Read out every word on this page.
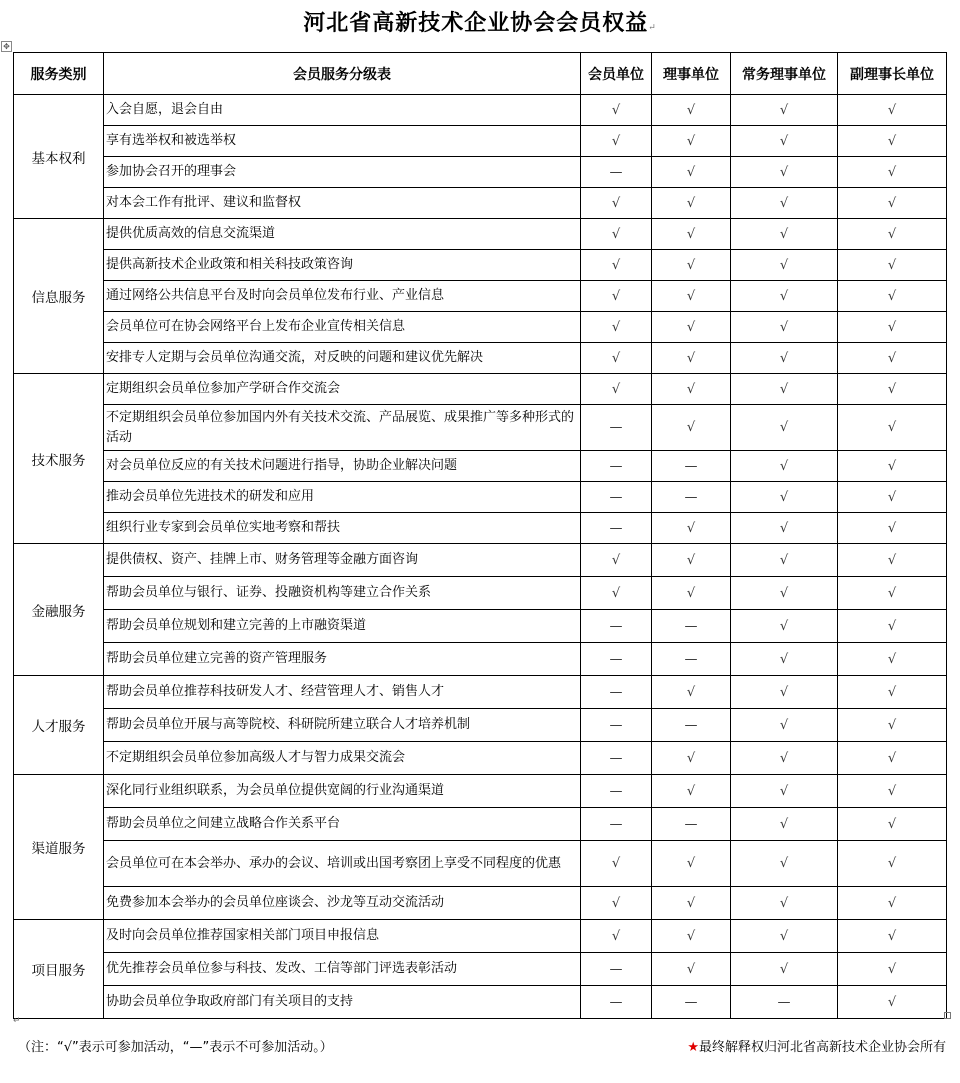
河北省高新技术企业协会会员权益↵
✥
服务类别	会员服务分级表	会员单位	理事单位	常务理事单位	副理事长单位
基本权利	入会自愿，退会自由	√	√	√	√
	享有选举权和被选举权	√	√	√	√
	参加协会召开的理事会	—	√	√	√
	对本会工作有批评、建议和监督权	√	√	√	√
信息服务	提供优质高效的信息交流渠道	√	√	√	√
	提供高新技术企业政策和相关科技政策咨询	√	√	√	√
	通过网络公共信息平台及时向会员单位发布行业、产业信息	√	√	√	√
	会员单位可在协会网络平台上发布企业宣传相关信息	√	√	√	√
	安排专人定期与会员单位沟通交流，对反映的问题和建议优先解决	√	√	√	√
技术服务	定期组织会员单位参加产学研合作交流会	√	√	√	√
	不定期组织会员单位参加国内外有关技术交流、产品展览、成果推广等多种形式的活动	—	√	√	√
	对会员单位反应的有关技术问题进行指导，协助企业解决问题	—	—	√	√
	推动会员单位先进技术的研发和应用	—	—	√	√
	组织行业专家到会员单位实地考察和帮扶	—	√	√	√
金融服务	提供债权、资产、挂牌上市、财务管理等金融方面咨询	√	√	√	√
	帮助会员单位与银行、证券、投融资机构等建立合作关系	√	√	√	√
	帮助会员单位规划和建立完善的上市融资渠道	—	—	√	√
	帮助会员单位建立完善的资产管理服务	—	—	√	√
人才服务	帮助会员单位推荐科技研发人才、经营管理人才、销售人才	—	√	√	√
	帮助会员单位开展与高等院校、科研院所建立联合人才培养机制	—	—	√	√
	不定期组织会员单位参加高级人才与智力成果交流会	—	√	√	√
渠道服务	深化同行业组织联系，为会员单位提供宽阔的行业沟通渠道	—	√	√	√
	帮助会员单位之间建立战略合作关系平台	—	—	√	√
	会员单位可在本会举办、承办的会议、培训或出国考察团上享受不同程度的优惠	√	√	√	√
	免费参加本会举办的会员单位座谈会、沙龙等互动交流活动	√	√	√	√
项目服务	及时向会员单位推荐国家相关部门项目申报信息	√	√	√	√
	优先推荐会员单位参与科技、发改、工信等部门评选表彰活动	—	√	√	√
	协助会员单位争取政府部门有关项目的支持	—	—	—	√
↵
（注：“√”表示可参加活动，“—”表示不可参加活动。）	★最终解释权归河北省高新技术企业协会所有
